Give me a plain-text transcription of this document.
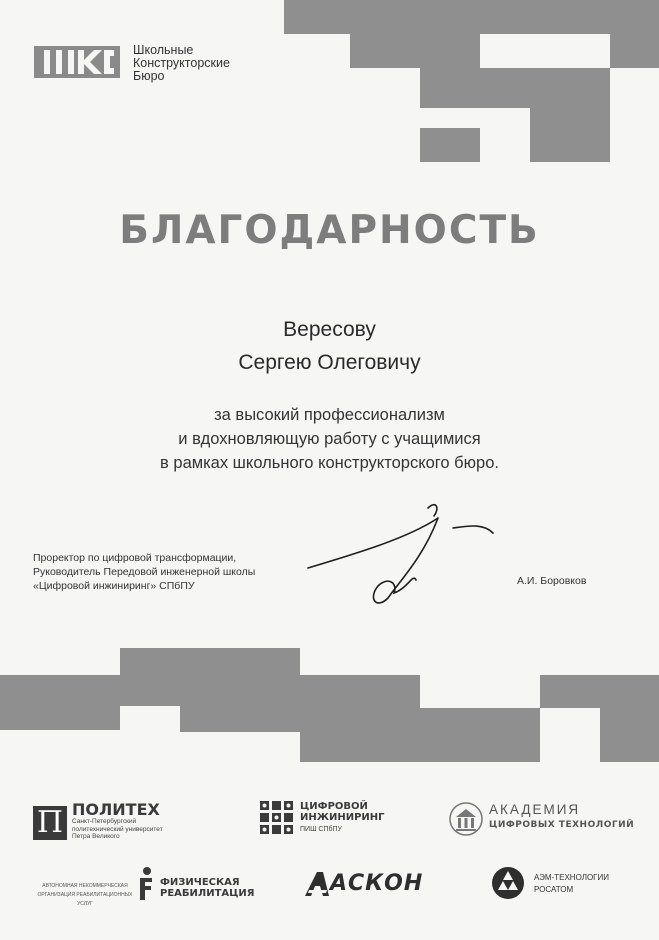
Школьные
Конструкторские
Бюро
БЛАГОДАРНОСТЬ
Вересову
Сергею Олеговичу
за высокий профессионализм
и вдохновляющую работу с учащимися
в рамках школьного конструкторского бюро.
Проректор по цифровой трансформации,
Руководитель Передовой инженерной школы
«Цифровой инжиниринг» СПбПУ	А.И. Боровков
П ПОЛИТЕХ
Санкт-Петербургский
политехнический университет
Петра Великого
ЦИФРОВОЙ
ИНЖИНИРИНГ
ПИШ СПбПУ
АКАДЕМИЯ
ЦИФРОВЫХ ТЕХНОЛОГИЙ
АВТОНОМНАЯ НЕКОММЕРЧЕСКАЯ
ОРГАНИЗАЦИЯ РЕАБИЛИТАЦИОННЫХ УСЛУГ
ФИЗИЧЕСКАЯ
РЕАБИЛИТАЦИЯ	АСКОН	АЭМ-ТЕХНОЛОГИИ
РОСАТОМ
